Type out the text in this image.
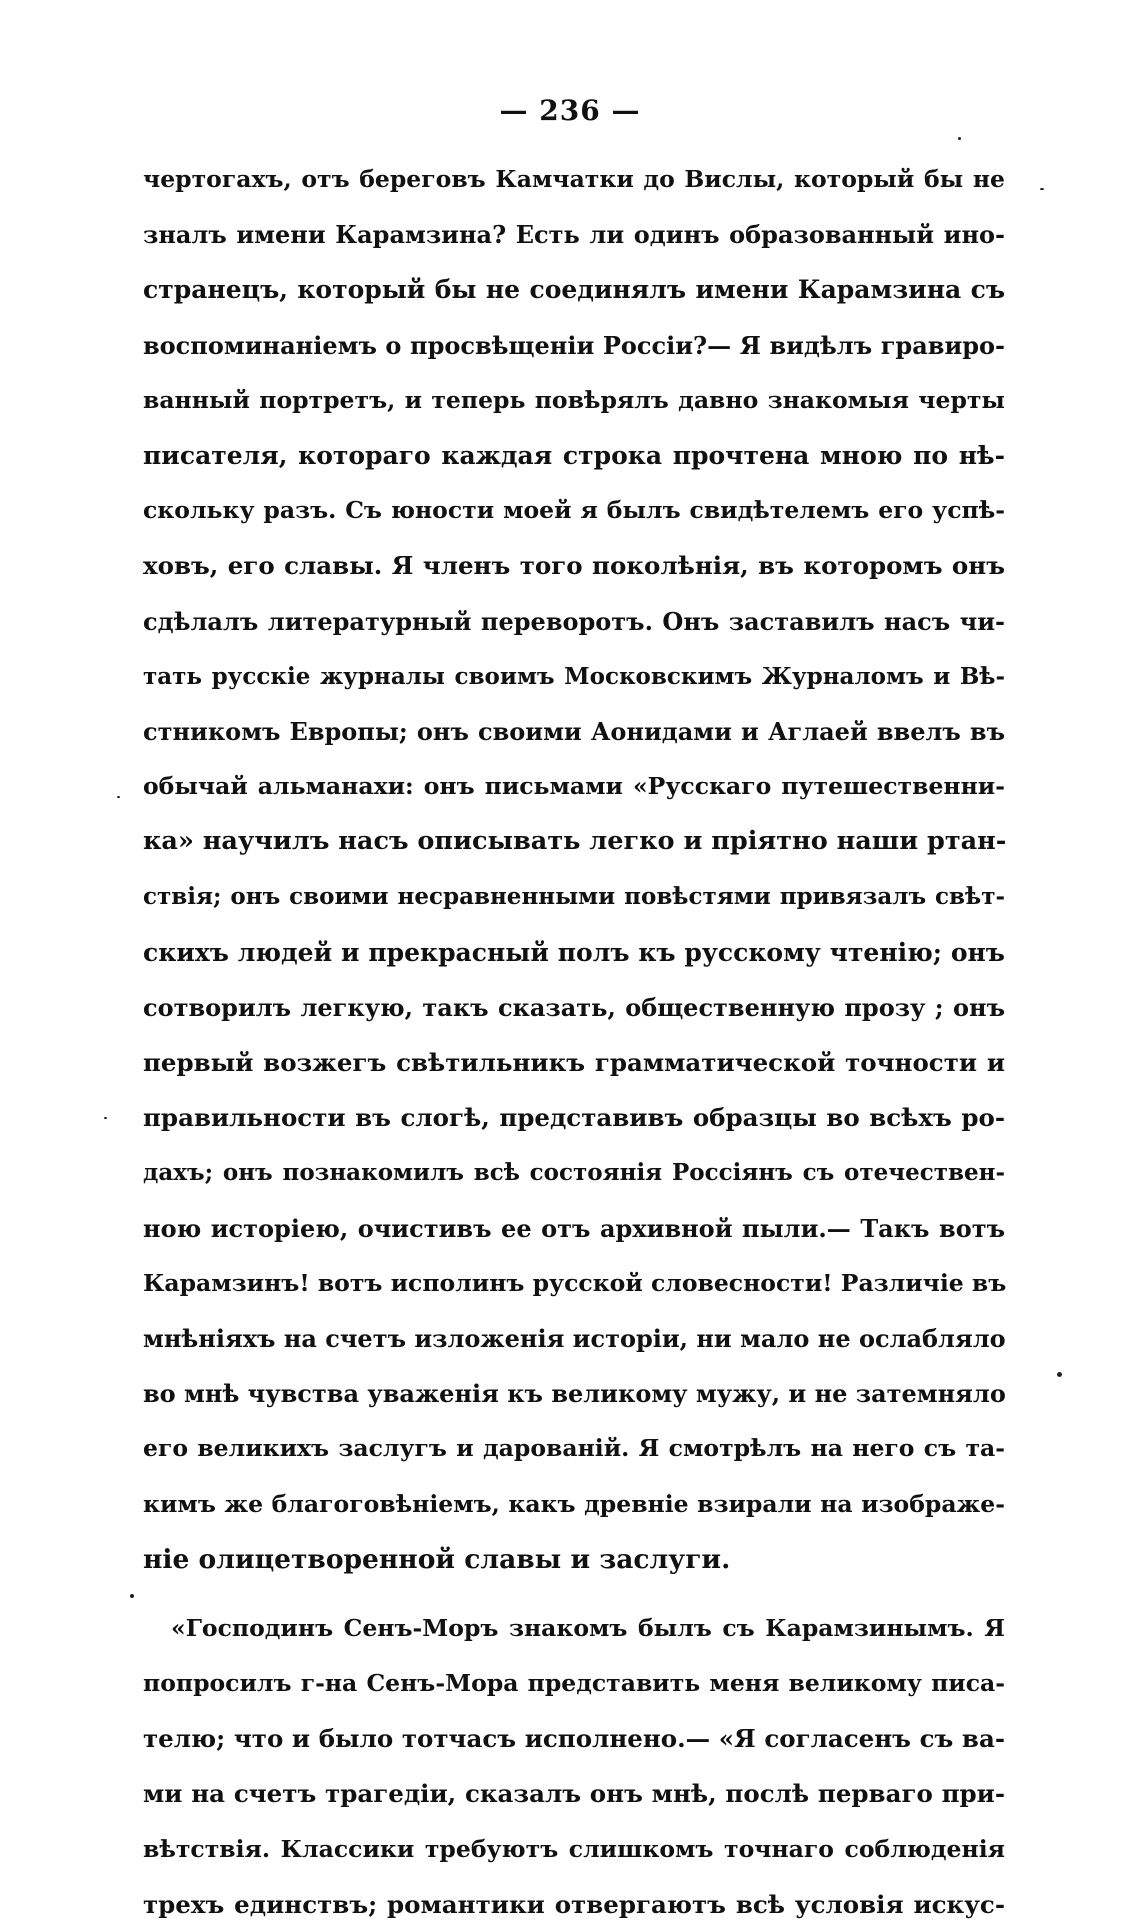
— 236 —
чертогахъ, отъ береговъ Камчатки до Вислы, который бы не
зналъ имени Карамзина? Есть ли одинъ образованный ино-
странецъ, который бы не соединялъ имени Карамзина съ
воспоминаніемъ о просвѣщеніи Россіи?— Я видѣлъ гравиро-
ванный портретъ, и теперь повѣрялъ давно знакомыя черты
писателя, котораго каждая строка прочтена мною по нѣ-
скольку разъ. Съ юности моей я былъ свидѣтелемъ его успѣ-
ховъ, его славы. Я членъ того поколѣнія, въ которомъ онъ
сдѣлалъ литературный переворотъ. Онъ заставилъ насъ чи-
тать русскіе журналы своимъ Московскимъ Журналомъ и Вѣ-
стникомъ Европы; онъ своими Аонидами и Аглаей ввелъ въ
обычай альманахи: онъ письмами «Русскаго путешественни-
ка» научилъ насъ описывать легко и пріятно наши ртан-
ствія; онъ своими несравненными повѣстями привязалъ свѣт-
скихъ людей и прекрасный полъ къ русскому чтенію; онъ
сотворилъ легкую, такъ сказать, общественную прозу ; онъ
первый возжегъ свѣтильникъ грамматической точности и
правильности въ слогѣ, представивъ образцы во всѣхъ ро-
дахъ; онъ познакомилъ всѣ состоянія Россіянъ съ отечествен-
ною исторіею, очистивъ ее отъ архивной пыли.— Такъ вотъ
Карамзинъ! вотъ исполинъ русской словесности! Различіе въ
мнѣніяхъ на счетъ изложенія исторіи, ни мало не ослабляло
во мнѣ чувства уваженія къ великому мужу, и не затемняло
его великихъ заслугъ и дарованій. Я смотрѣлъ на него съ та-
кимъ же благоговѣніемъ, какъ древніе взирали на изображе-
ніе олицетворенной славы и заслуги.
«Господинъ Сенъ-Моръ знакомъ былъ съ Карамзинымъ. Я
попросилъ г-на Сенъ-Мора представить меня великому писа-
телю; что и было тотчасъ исполнено.— «Я согласенъ съ ва-
ми на счетъ трагедіи, сказалъ онъ мнѣ, послѣ перваго при-
вѣтствія. Классики требуютъ слишкомъ точнаго соблюденія
трехъ единствъ; романтики отвергаютъ всѣ условія искус-
